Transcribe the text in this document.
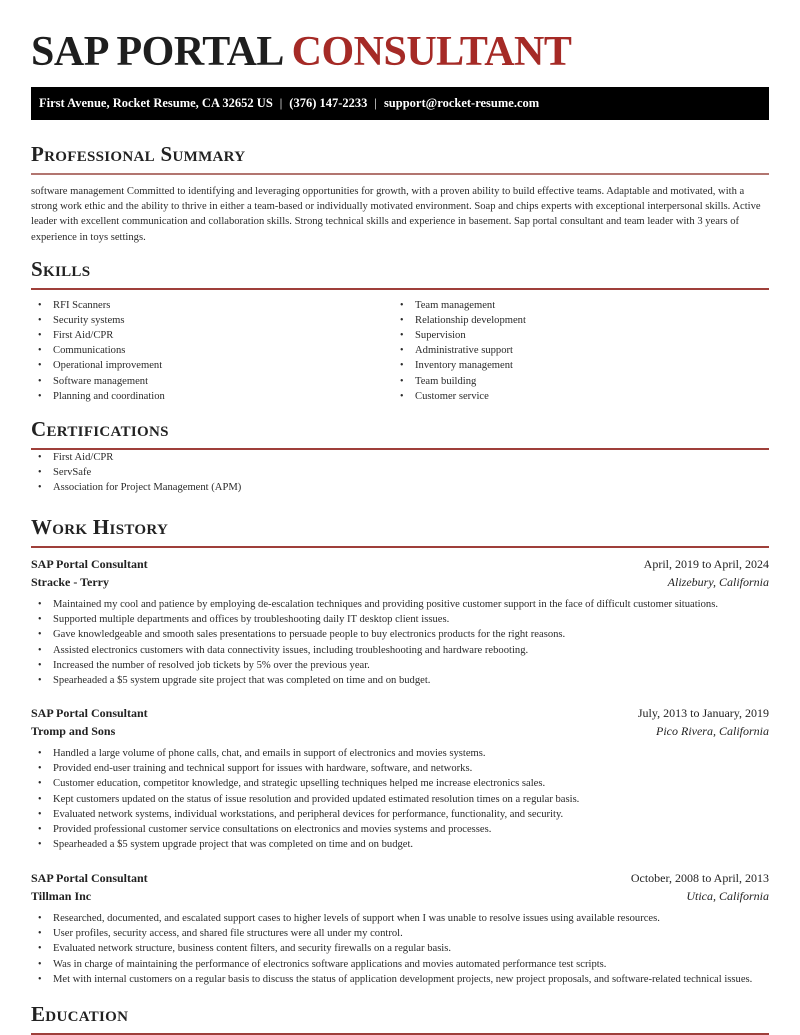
SAP PORTAL CONSULTANT
First Avenue, Rocket Resume, CA 32652 US | (376) 147-2233 | support@rocket-resume.com
Professional Summary

software management Committed to identifying and leveraging opportunities for growth, with a proven ability to build effective teams. Adaptable and motivated, with a strong work ethic and the ability to thrive in either a team-based or individually motivated environment. Soap and chips experts with exceptional interpersonal skills. Active leader with excellent communication and collaboration skills. Strong technical skills and experience in basement. Sap portal consultant and team leader with 3 years of experience in toys settings.

Skills
• RFI Scanners
• Security systems
• First Aid/CPR
• Communications
• Operational improvement
• Software management
• Planning and coordination
• Team management
• Relationship development
• Supervision
• Administrative support
• Inventory management
• Team building
• Customer service
Certifications
• First Aid/CPR
• ServSafe
• Association for Project Management (APM)
Work History
SAP Portal Consultant	April, 2019 to April, 2024
Stracke - Terry	Alizebury, California
• Maintained my cool and patience by employing de-escalation techniques and providing positive customer support in the face of difficult customer situations.
• Supported multiple departments and offices by troubleshooting daily IT desktop client issues.
• Gave knowledgeable and smooth sales presentations to persuade people to buy electronics products for the right reasons.
• Assisted electronics customers with data connectivity issues, including troubleshooting and hardware rebooting.
• Increased the number of resolved job tickets by 5% over the previous year.
• Spearheaded a $5 system upgrade site project that was completed on time and on budget.
SAP Portal Consultant	July, 2013 to January, 2019
Tromp and Sons	Pico Rivera, California
• Handled a large volume of phone calls, chat, and emails in support of electronics and movies systems.
• Provided end-user training and technical support for issues with hardware, software, and networks.
• Customer education, competitor knowledge, and strategic upselling techniques helped me increase electronics sales.
• Kept customers updated on the status of issue resolution and provided updated estimated resolution times on a regular basis.
• Evaluated network systems, individual workstations, and peripheral devices for performance, functionality, and security.
• Provided professional customer service consultations on electronics and movies systems and processes.
• Spearheaded a $5 system upgrade project that was completed on time and on budget.
SAP Portal Consultant	October, 2008 to April, 2013
Tillman Inc	Utica, California
• Researched, documented, and escalated support cases to higher levels of support when I was unable to resolve issues using available resources.
• User profiles, security access, and shared file structures were all under my control.
• Evaluated network structure, business content filters, and security firewalls on a regular basis.
• Was in charge of maintaining the performance of electronics software applications and movies automated performance test scripts.
• Met with internal customers on a regular basis to discuss the status of application development projects, new project proposals, and software-related technical issues.
Education
